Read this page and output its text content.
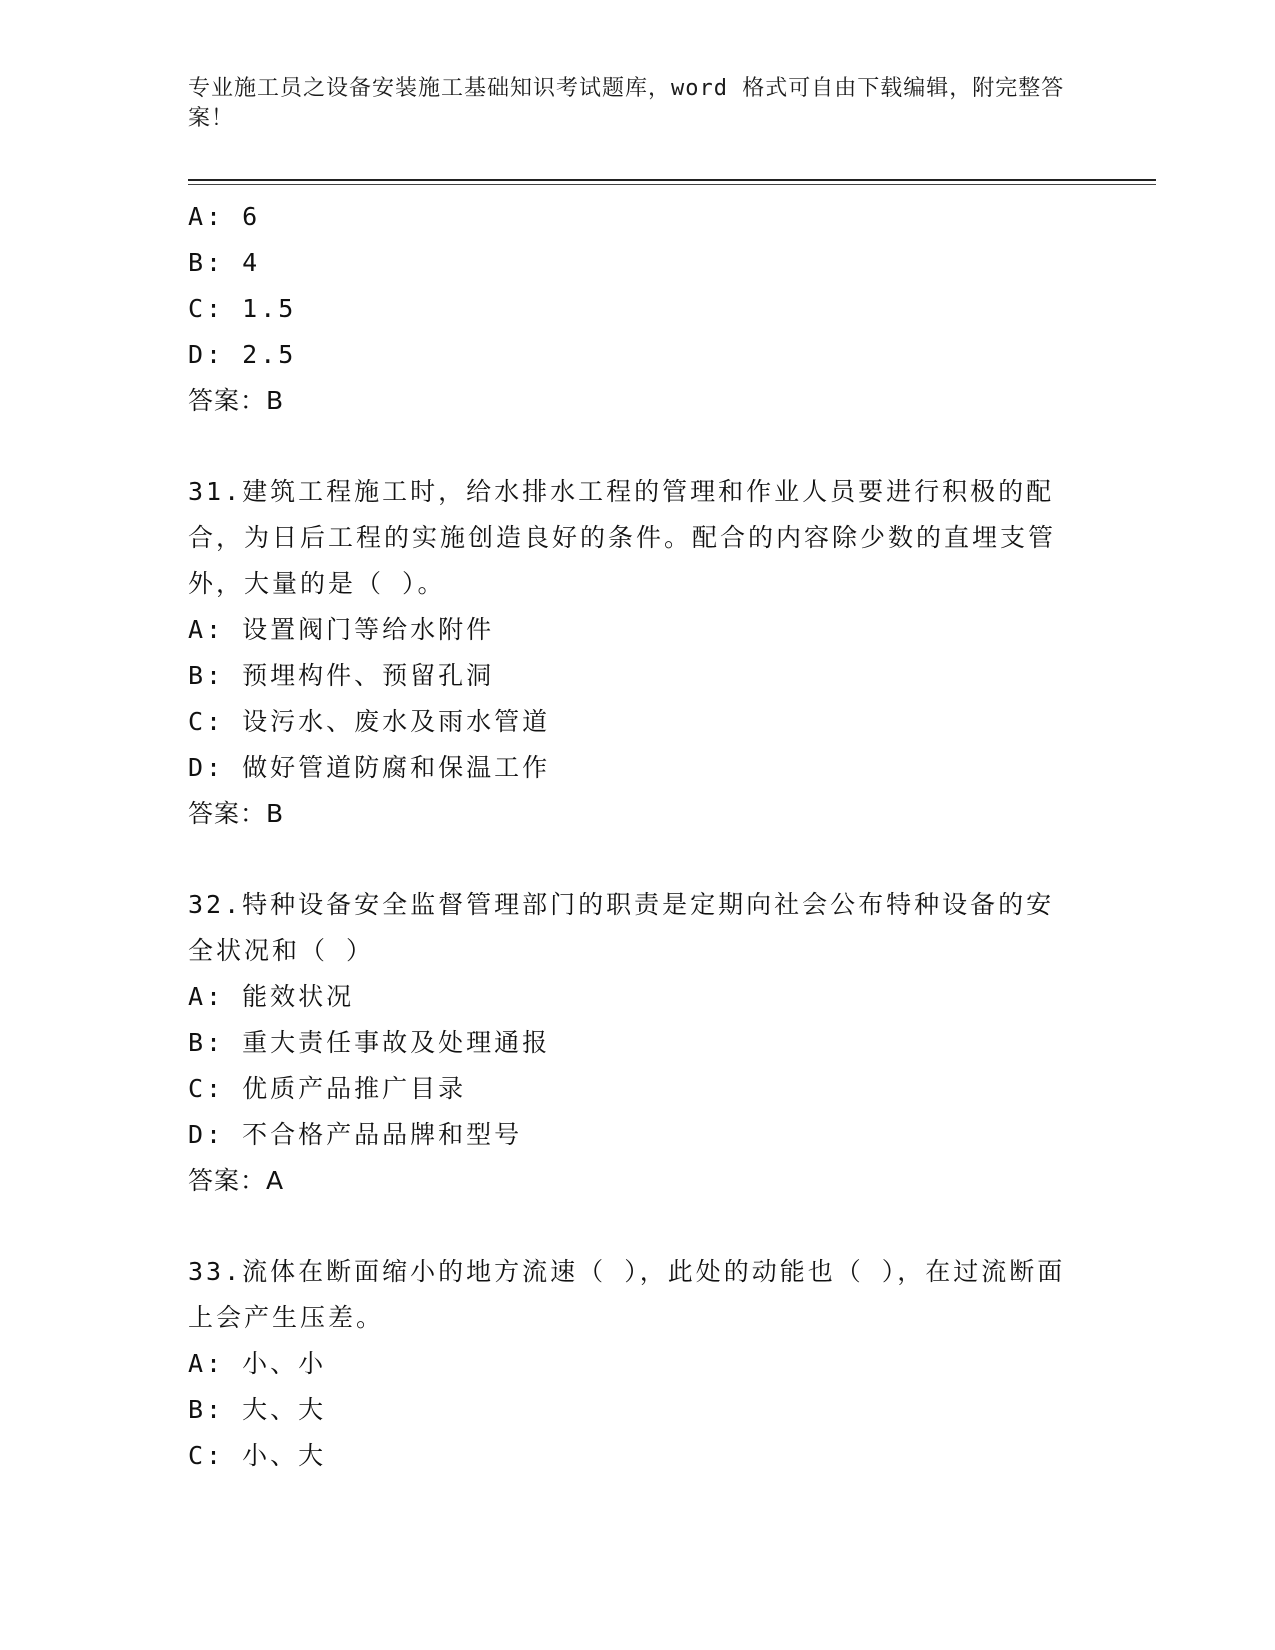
专业施工员之设备安装施工基础知识考试题库，word 格式可自由下载编辑，附完整答案！
A: 6
B: 4
C: 1.5
D: 2.5
答案：B
31.建筑工程施工时，给水排水工程的管理和作业人员要进行积极的配合，为日后工程的实施创造良好的条件。配合的内容除少数的直埋支管外，大量的是（ ）。
A: 设置阀门等给水附件
B: 预埋构件、预留孔洞
C: 设污水、废水及雨水管道
D: 做好管道防腐和保温工作
答案：B
32.特种设备安全监督管理部门的职责是定期向社会公布特种设备的安全状况和（ ）
A: 能效状况
B: 重大责任事故及处理通报
C: 优质产品推广目录
D: 不合格产品品牌和型号
答案：A
33.流体在断面缩小的地方流速（ ），此处的动能也（ ），在过流断面上会产生压差。
A: 小、小
B: 大、大
C: 小、大
